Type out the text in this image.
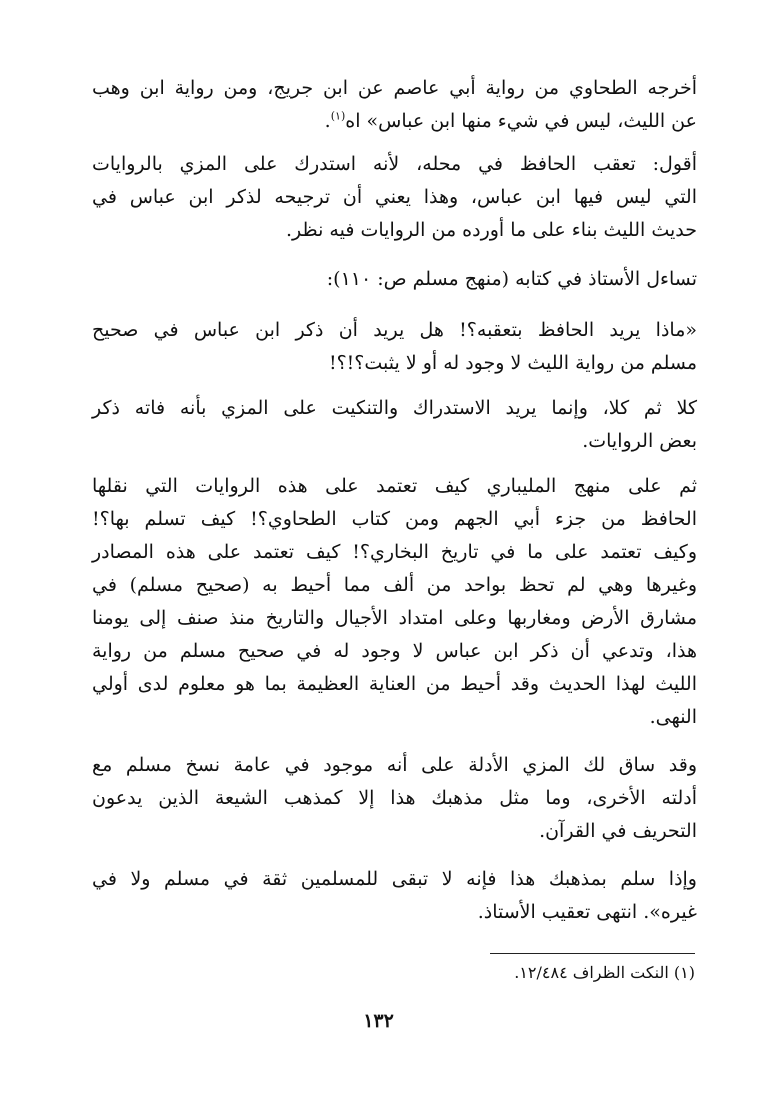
أخرجه الطحاوي من رواية أبي عاصم عن ابن جريج، ومن رواية ابن وهب
عن الليث، ليس في شيء منها ابن عباس» اه$^{(١)}$.

أقول: تعقب الحافظ في محله، لأنه استدرك على المزي بالروايات
التي ليس فيها ابن عباس، وهذا يعني أن ترجيحه لذكر ابن عباس في
حديث الليث بناء على ما أورده من الروايات فيه نظر.

تساءل الأستاذ في كتابه (منهج مسلم ص: ١١٠):

«ماذا يريد الحافظ بتعقبه؟! هل يريد أن ذكر ابن عباس في صحيح
مسلم من رواية الليث لا وجود له أو لا يثبت؟!؟!

كلا ثم كلا، وإنما يريد الاستدراك والتنكيت على المزي بأنه فاته ذكر
بعض الروايات.

ثم على منهج المليباري كيف تعتمد على هذه الروايات التي نقلها
الحافظ من جزء أبي الجهم ومن كتاب الطحاوي؟! كيف تسلم بها؟!
وكيف تعتمد على ما في تاريخ البخاري؟! كيف تعتمد على هذه المصادر
وغيرها وهي لم تحظ بواحد من ألف مما أحيط به (صحيح مسلم) في
مشارق الأرض ومغاربها وعلى امتداد الأجيال والتاريخ منذ صنف إلى يومنا
هذا، وتدعي أن ذكر ابن عباس لا وجود له في صحيح مسلم من رواية
الليث لهذا الحديث وقد أحيط من العناية العظيمة بما هو معلوم لدى أولي
النهى.

وقد ساق لك المزي الأدلة على أنه موجود في عامة نسخ مسلم مع
أدلته الأخرى، وما مثل مذهبك هذا إلا كمذهب الشيعة الذين يدعون
التحريف في القرآن.

وإذا سلم بمذهبك هذا فإنه لا تبقى للمسلمين ثقة في مسلم ولا في
غيره». انتهى تعقيب الأستاذ.

(١) النكت الظراف ١٢/٤٨٤.

١٣٢
